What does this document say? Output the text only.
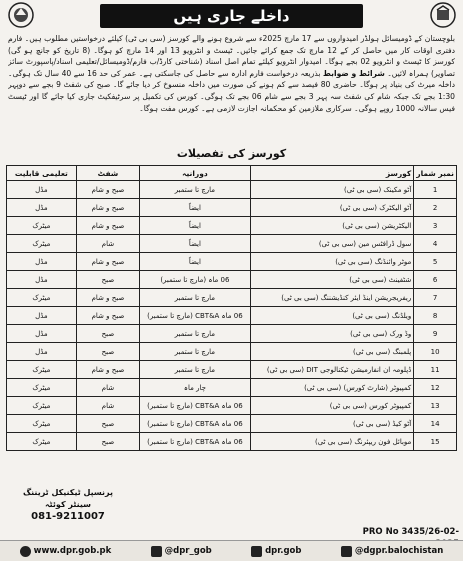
داخلے جاری ہیں
بلوچستان کے ڈومیسائل ہولڈر امیدواروں سے 17 مارچ 2025ء سے شروع ہونے والے کورسز (سی بی ٹی) کیلئے درخواستیں مطلوب ہیں۔ فارم دفتری اوقات کار میں حاصل کر کے 12 مارچ تک جمع کرائے جائیں۔ ٹیسٹ و انٹرویو 13 اور 14 مارچ کو ہوگا۔ (8 تاریخ کو جانچ ہو گی) کورسز کا ٹیسٹ و انٹرویو 02 بجے ہوگا۔ امیدوار انٹرویو کیلئے تمام اصل اسناد (شناختی کارڈ/ب فارم/ڈومیسائل/تعلیمی اسناد/پاسپورٹ سائز تصاویر) ہمراہ لائیں۔ شرائط و ضوابط بذریعہ درخواست فارم ادارہ سے حاصل کی جاسکتی ہے۔ عمر کی حد 16 سے 40 سال تک ہوگی۔ داخلہ میرٹ کی بنیاد پر ہوگا۔ حاضری 80 فیصد سے کم ہونے کی صورت میں داخلہ منسوخ کر دیا جائے گا۔ صبح کی شفٹ 9 بجے سے دوپہر 1:30 بجے تک جبکہ شام کی شفٹ سہ پہر 3 بجے سے شام 06 بجے تک ہوگی۔ کورس کی تکمیل پر سرٹیفکیٹ جاری کیا جائے گا اور ٹیسٹ فیس سالانہ 1000 روپے ہوگی۔ سرکاری ملازمین کو محکمانہ اجازت لازمی ہے۔ کورس مفت ہوگا۔
کورسز کی تفصیلات
نمبر شمار	کورسز	دورانیہ	شفٹ	تعلیمی قابلیت
1	آٹو مکینک (سی بی ٹی)	مارچ تا ستمبر	صبح و شام	مڈل
2	آٹو الیکٹرک (سی بی ٹی)	ایضاً	صبح و شام	مڈل
3	الیکٹریشن (سی بی ٹی)	ایضاً	صبح و شام	میٹرک
4	سول ڈرافٹس مین (سی بی ٹی)	ایضاً	شام	میٹرک
5	موٹر وائنڈنگ (سی بی ٹی)	ایضاً	صبح و شام	مڈل
6	شٹفینٹ (سی بی ٹی)	06 ماہ (مارچ تا ستمبر)	صبح	مڈل
7	ریفریجریشن اینڈ ایئر کنڈیشننگ (سی بی ٹی)	مارچ تا ستمبر	صبح و شام	میٹرک
8	ویلڈنگ (سی بی ٹی)	06 ماہ CBT&A (مارچ تا ستمبر)	صبح و شام	مڈل
9	وڈ ورک (سی بی ٹی)	مارچ تا ستمبر	صبح	مڈل
10	پلمبنگ (سی بی ٹی)	مارچ تا ستمبر	صبح	مڈل
11	ڈپلومہ ان انفارمیشن ٹیکنالوجی DIT (سی بی ٹی)	مارچ تا ستمبر	صبح و شام	میٹرک
12	کمپیوٹر (شارٹ کورس) (سی بی ٹی)	چار ماہ	شام	میٹرک
13	کمپیوٹر کورس (سی بی ٹی)	06 ماہ CBT&A (مارچ تا ستمبر)	شام	میٹرک
14	آٹو کیڈ (سی بی ٹی)	06 ماہ CBT&A (مارچ تا ستمبر)	صبح	میٹرک
15	موبائل فون ریپئرنگ (سی بی ٹی)	06 ماہ CBT&A (مارچ تا ستمبر)	صبح	میٹرک
پرنسپل ٹیکنیکل ٹریننگ
سینٹر کوئٹہ
081-9211007
PRO No 3435/26-02-
www.dpr.gob.pk	@dpr_gob	dpr.gob	@dgpr.balochistan
